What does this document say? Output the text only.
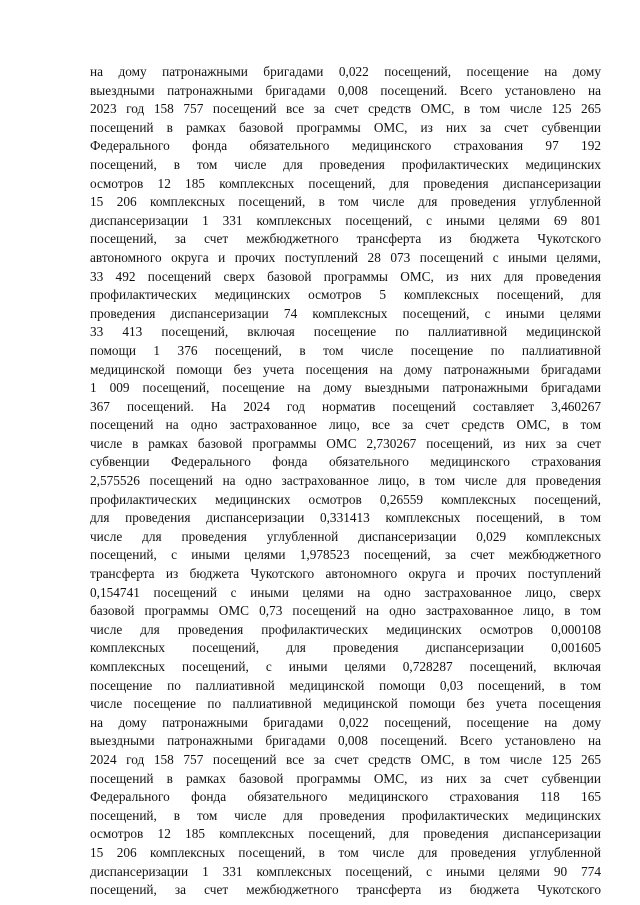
на дому патронажными бригадами 0,022 посещений, посещение на дому
выездными патронажными бригадами 0,008 посещений. Всего установлено на
2023 год 158 757 посещений все за счет средств ОМС, в том числе 125 265
посещений в рамках базовой программы ОМС, из них за счет субвенции
Федерального фонда обязательного медицинского страхования 97 192
посещений, в том числе для проведения профилактических медицинских
осмотров 12 185 комплексных посещений, для проведения диспансеризации
15 206 комплексных посещений, в том числе для проведения углубленной
диспансеризации 1 331 комплексных посещений, с иными целями 69 801
посещений, за счет межбюджетного трансферта из бюджета Чукотского
автономного округа и прочих поступлений 28 073 посещений с иными целями,
33 492 посещений сверх базовой программы ОМС, из них для проведения
профилактических медицинских осмотров 5 комплексных посещений, для
проведения диспансеризации 74 комплексных посещений, с иными целями
33 413 посещений, включая посещение по паллиативной медицинской
помощи 1 376 посещений, в том числе посещение по паллиативной
медицинской помощи без учета посещения на дому патронажными бригадами
1 009 посещений, посещение на дому выездными патронажными бригадами
367 посещений. На 2024 год норматив посещений составляет 3,460267
посещений на одно застрахованное лицо, все за счет средств ОМС, в том
числе в рамках базовой программы ОМС 2,730267 посещений, из них за счет
субвенции Федерального фонда обязательного медицинского страхования
2,575526 посещений на одно застрахованное лицо, в том числе для проведения
профилактических медицинских осмотров 0,26559 комплексных посещений,
для проведения диспансеризации 0,331413 комплексных посещений, в том
числе для проведения углубленной диспансеризации 0,029 комплексных
посещений, с иными целями 1,978523 посещений, за счет межбюджетного
трансферта из бюджета Чукотского автономного округа и прочих поступлений
0,154741 посещений с иными целями на одно застрахованное лицо, сверх
базовой программы ОМС 0,73 посещений на одно застрахованное лицо, в том
числе для проведения профилактических медицинских осмотров 0,000108
комплексных посещений, для проведения диспансеризации 0,001605
комплексных посещений, с иными целями 0,728287 посещений, включая
посещение по паллиативной медицинской помощи 0,03 посещений, в том
числе посещение по паллиативной медицинской помощи без учета посещения
на дому патронажными бригадами 0,022 посещений, посещение на дому
выездными патронажными бригадами 0,008 посещений. Всего установлено на
2024 год 158 757 посещений все за счет средств ОМС, в том числе 125 265
посещений в рамках базовой программы ОМС, из них за счет субвенции
Федерального фонда обязательного медицинского страхования 118 165
посещений, в том числе для проведения профилактических медицинских
осмотров 12 185 комплексных посещений, для проведения диспансеризации
15 206 комплексных посещений, в том числе для проведения углубленной
диспансеризации 1 331 комплексных посещений, с иными целями 90 774
посещений, за счет межбюджетного трансферта из бюджета Чукотского
